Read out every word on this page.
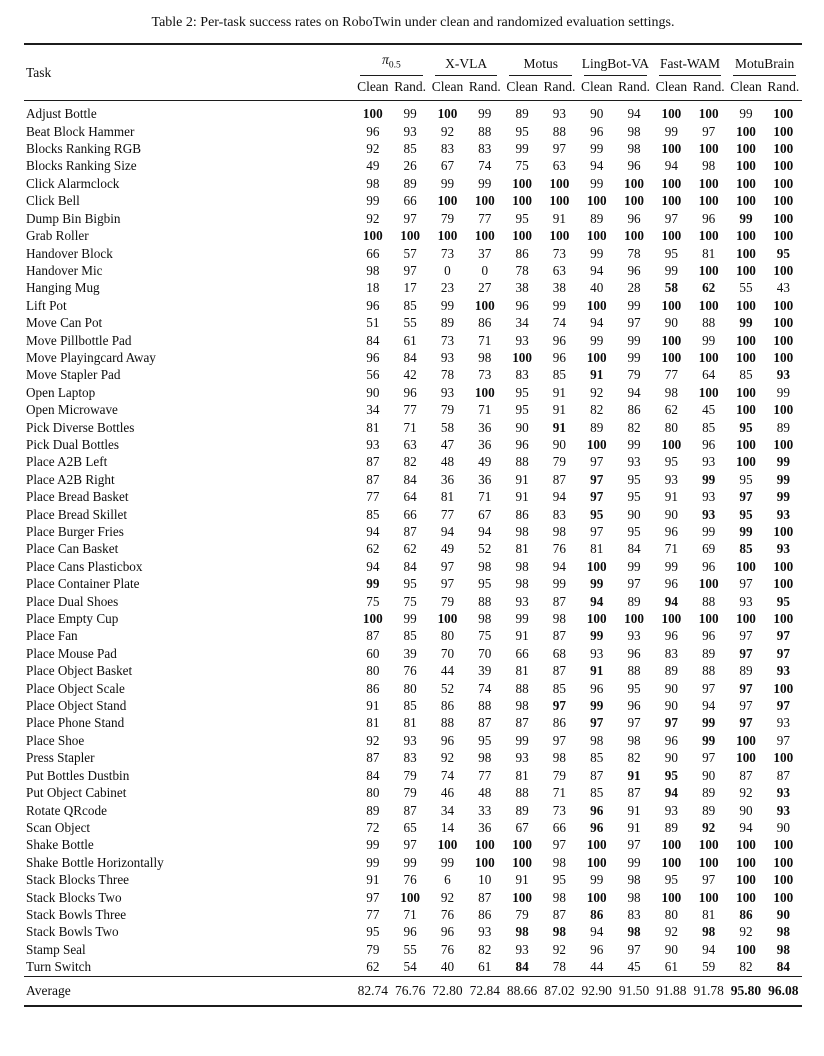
Table 2: Per-task success rates on RoboTwin under clean and randomized evaluation settings.
Task	$\pi_{0.5}$		X-VLA		Motus		LingBot-VA		Fast-WAM		MotuBrain	

	Clean	Rand.	Clean	Rand.	Clean	Rand.	Clean	Rand.	Clean	Rand.	Clean	Rand.
Adjust Bottle	100	99	100	99	89	93	90	94	100	100	99	100
Beat Block Hammer	96	93	92	88	95	88	96	98	99	97	100	100
Blocks Ranking RGB	92	85	83	83	99	97	99	98	100	100	100	100
Blocks Ranking Size	49	26	67	74	75	63	94	96	94	98	100	100
Click Alarmclock	98	89	99	99	100	100	99	100	100	100	100	100
Click Bell	99	66	100	100	100	100	100	100	100	100	100	100
Dump Bin Bigbin	92	97	79	77	95	91	89	96	97	96	99	100
Grab Roller	100	100	100	100	100	100	100	100	100	100	100	100
Handover Block	66	57	73	37	86	73	99	78	95	81	100	95
Handover Mic	98	97	0	0	78	63	94	96	99	100	100	100
Hanging Mug	18	17	23	27	38	38	40	28	58	62	55	43
Lift Pot	96	85	99	100	96	99	100	99	100	100	100	100
Move Can Pot	51	55	89	86	34	74	94	97	90	88	99	100
Move Pillbottle Pad	84	61	73	71	93	96	99	99	100	99	100	100
Move Playingcard Away	96	84	93	98	100	96	100	99	100	100	100	100
Move Stapler Pad	56	42	78	73	83	85	91	79	77	64	85	93
Open Laptop	90	96	93	100	95	91	92	94	98	100	100	99
Open Microwave	34	77	79	71	95	91	82	86	62	45	100	100
Pick Diverse Bottles	81	71	58	36	90	91	89	82	80	85	95	89
Pick Dual Bottles	93	63	47	36	96	90	100	99	100	96	100	100
Place A2B Left	87	82	48	49	88	79	97	93	95	93	100	99
Place A2B Right	87	84	36	36	91	87	97	95	93	99	95	99
Place Bread Basket	77	64	81	71	91	94	97	95	91	93	97	99
Place Bread Skillet	85	66	77	67	86	83	95	90	90	93	95	93
Place Burger Fries	94	87	94	94	98	98	97	95	96	99	99	100
Place Can Basket	62	62	49	52	81	76	81	84	71	69	85	93
Place Cans Plasticbox	94	84	97	98	98	94	100	99	99	96	100	100
Place Container Plate	99	95	97	95	98	99	99	97	96	100	97	100
Place Dual Shoes	75	75	79	88	93	87	94	89	94	88	93	95
Place Empty Cup	100	99	100	98	99	98	100	100	100	100	100	100
Place Fan	87	85	80	75	91	87	99	93	96	96	97	97
Place Mouse Pad	60	39	70	70	66	68	93	96	83	89	97	97
Place Object Basket	80	76	44	39	81	87	91	88	89	88	89	93
Place Object Scale	86	80	52	74	88	85	96	95	90	97	97	100
Place Object Stand	91	85	86	88	98	97	99	96	90	94	97	97
Place Phone Stand	81	81	88	87	87	86	97	97	97	99	97	93
Place Shoe	92	93	96	95	99	97	98	98	96	99	100	97
Press Stapler	87	83	92	98	93	98	85	82	90	97	100	100
Put Bottles Dustbin	84	79	74	77	81	79	87	91	95	90	87	87
Put Object Cabinet	80	79	46	48	88	71	85	87	94	89	92	93
Rotate QRcode	89	87	34	33	89	73	96	91	93	89	90	93
Scan Object	72	65	14	36	67	66	96	91	89	92	94	90
Shake Bottle	99	97	100	100	100	97	100	97	100	100	100	100
Shake Bottle Horizontally	99	99	99	100	100	98	100	99	100	100	100	100
Stack Blocks Three	91	76	6	10	91	95	99	98	95	97	100	100
Stack Blocks Two	97	100	92	87	100	98	100	98	100	100	100	100
Stack Bowls Three	77	71	76	86	79	87	86	83	80	81	86	90
Stack Bowls Two	95	96	96	93	98	98	94	98	92	98	92	98
Stamp Seal	79	55	76	82	93	92	96	97	90	94	100	98
Turn Switch	62	54	40	61	84	78	44	45	61	59	82	84
Average	82.74	76.76	72.80	72.84	88.66	87.02	92.90	91.50	91.88	91.78	95.80	96.08
